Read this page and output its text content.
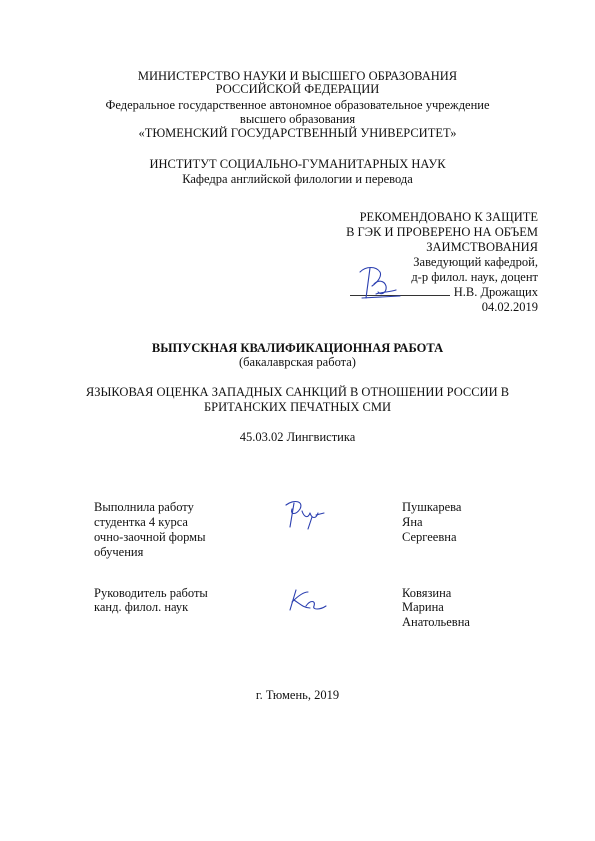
МИНИСТЕРСТВО НАУКИ И ВЫСШЕГО ОБРАЗОВАНИЯ
РОССИЙСКОЙ ФЕДЕРАЦИИ
Федеральное государственное автономное образовательное учреждение
высшего образования
«ТЮМЕНСКИЙ ГОСУДАРСТВЕННЫЙ УНИВЕРСИТЕТ»
ИНСТИТУТ СОЦИАЛЬНО-ГУМАНИТАРНЫХ НАУК
Кафедра английской филологии и перевода
РЕКОМЕНДОВАНО К ЗАЩИТЕ
В ГЭК И ПРОВЕРЕНО НА ОБЪЕМ
ЗАИМСТВОВАНИЯ
Заведующий кафедрой,
д-р филол. наук, доцент
Н.В. Дрожащих
04.02.2019
ВЫПУСКНАЯ КВАЛИФИКАЦИОННАЯ РАБОТА
(бакалаврская работа)
ЯЗЫКОВАЯ ОЦЕНКА ЗАПАДНЫХ САНКЦИЙ В ОТНОШЕНИИ РОССИИ В
БРИТАНСКИХ ПЕЧАТНЫХ СМИ
45.03.02 Лингвистика
Выполнила работу
студентка 4 курса
очно-заочной формы
обучения
Пушкарева
Яна
Сергеевна
Руководитель работы
канд. филол. наук
Ковязина
Марина
Анатольевна
г. Тюмень, 2019
